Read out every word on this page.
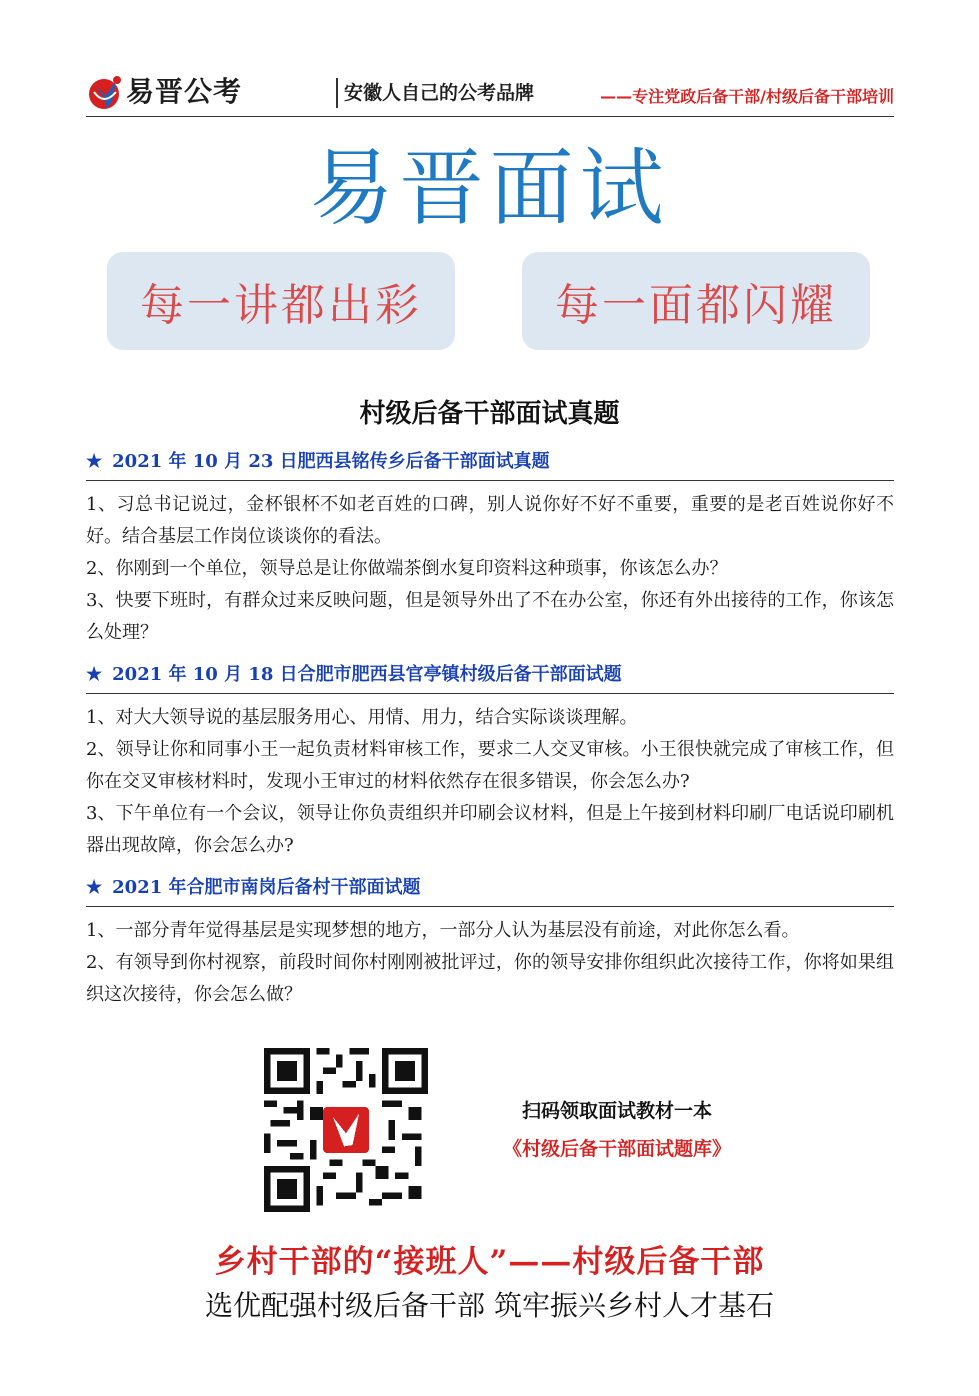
易晋公考	安徽人自己的公考品牌	——专注党政后备干部/村级后备干部培训
易晋面试
每一讲都出彩	每一面都闪耀
村级后备干部面试真题
★ 2021 年 10 月 23 日肥西县铭传乡后备干部面试真题

1、习总书记说过，金杯银杯不如老百姓的口碑，别人说你好不好不重要，重要的是老百姓说你好不好。结合基层工作岗位谈谈你的看法。

2、你刚到一个单位，领导总是让你做端茶倒水复印资料这种琐事，你该怎么办？

3、快要下班时，有群众过来反映问题，但是领导外出了不在办公室，你还有外出接待的工作，你该怎么处理？

★ 2021 年 10 月 18 日合肥市肥西县官亭镇村级后备干部面试题

1、对大大领导说的基层服务用心、用情、用力，结合实际谈谈理解。

2、领导让你和同事小王一起负责材料审核工作，要求二人交叉审核。小王很快就完成了审核工作，但你在交叉审核材料时，发现小王审过的材料依然存在很多错误，你会怎么办?

3、下午单位有一个会议，领导让你负责组织并印刷会议材料，但是上午接到材料印刷厂电话说印刷机器出现故障，你会怎么办?

★ 2021 年合肥市南岗后备村干部面试题

1、一部分青年觉得基层是实现梦想的地方，一部分人认为基层没有前途，对此你怎么看。

2、有领导到你村视察，前段时间你村刚刚被批评过，你的领导安排你组织此次接待工作，你将如果组织这次接待，你会怎么做？

扫码领取面试教材一本
《村级后备干部面试题库》
乡村干部的“接班人”——村级后备干部
选优配强村级后备干部 筑牢振兴乡村人才基石
